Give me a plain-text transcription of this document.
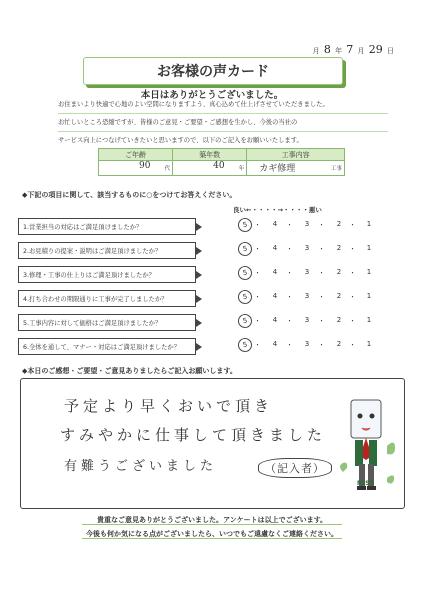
月 8 年 7 月 29 日
お客様の声カード
本日はありがとうございました。
お住まいより快適で心地のよい空間になりますよう、真心込めて仕上げさせていただきました。
お忙しいところ恐縮ですが、皆様のご意見・ご要望・ご感想を生かし、今後の当社の
サービス向上につなげていきたいと思いますので、以下のご記入をお願いいたします。
ご年齢	築年数	工事内容

90 代	40 年	カギ修理 工事
◆下記の項目に関して、該当するものに○をつけてお答えください。
良い←・・・・→・・・・悪い
1.営業担当の対応はご満足頂けましたか？	5 ・	4	・	3	・	2	・	1
2.お見積りの提案・説明はご満足頂けましたか？	5 ・	4	・	3	・	2	・	1
3.修理・工事の仕上りはご満足頂けましたか？	5 ・	4	・	3	・	2	・	1
4.打ち合わせの期限通りに工事が完了しましたか？	5 ・	4	・	3	・	2	・	1
5.工事内容に対して価格はご満足頂けましたか？	5 ・	4	・	3	・	2	・	1
6.全体を通して、マナー・対応はご満足頂けましたか？	5 ・	4	・	3	・	2	・	1
◆本日のご感想・ご要望・ご意見ありましたらご記入お願いします。
予定より早くおいで頂き
すみやかに仕事して頂きました
有難うございました	（記入者）
MIST
貴重なご意見ありがとうございました。アンケートは以上でございます。
今後も何か気になる点がございましたら、いつでもご遠慮なくご連絡ください。
